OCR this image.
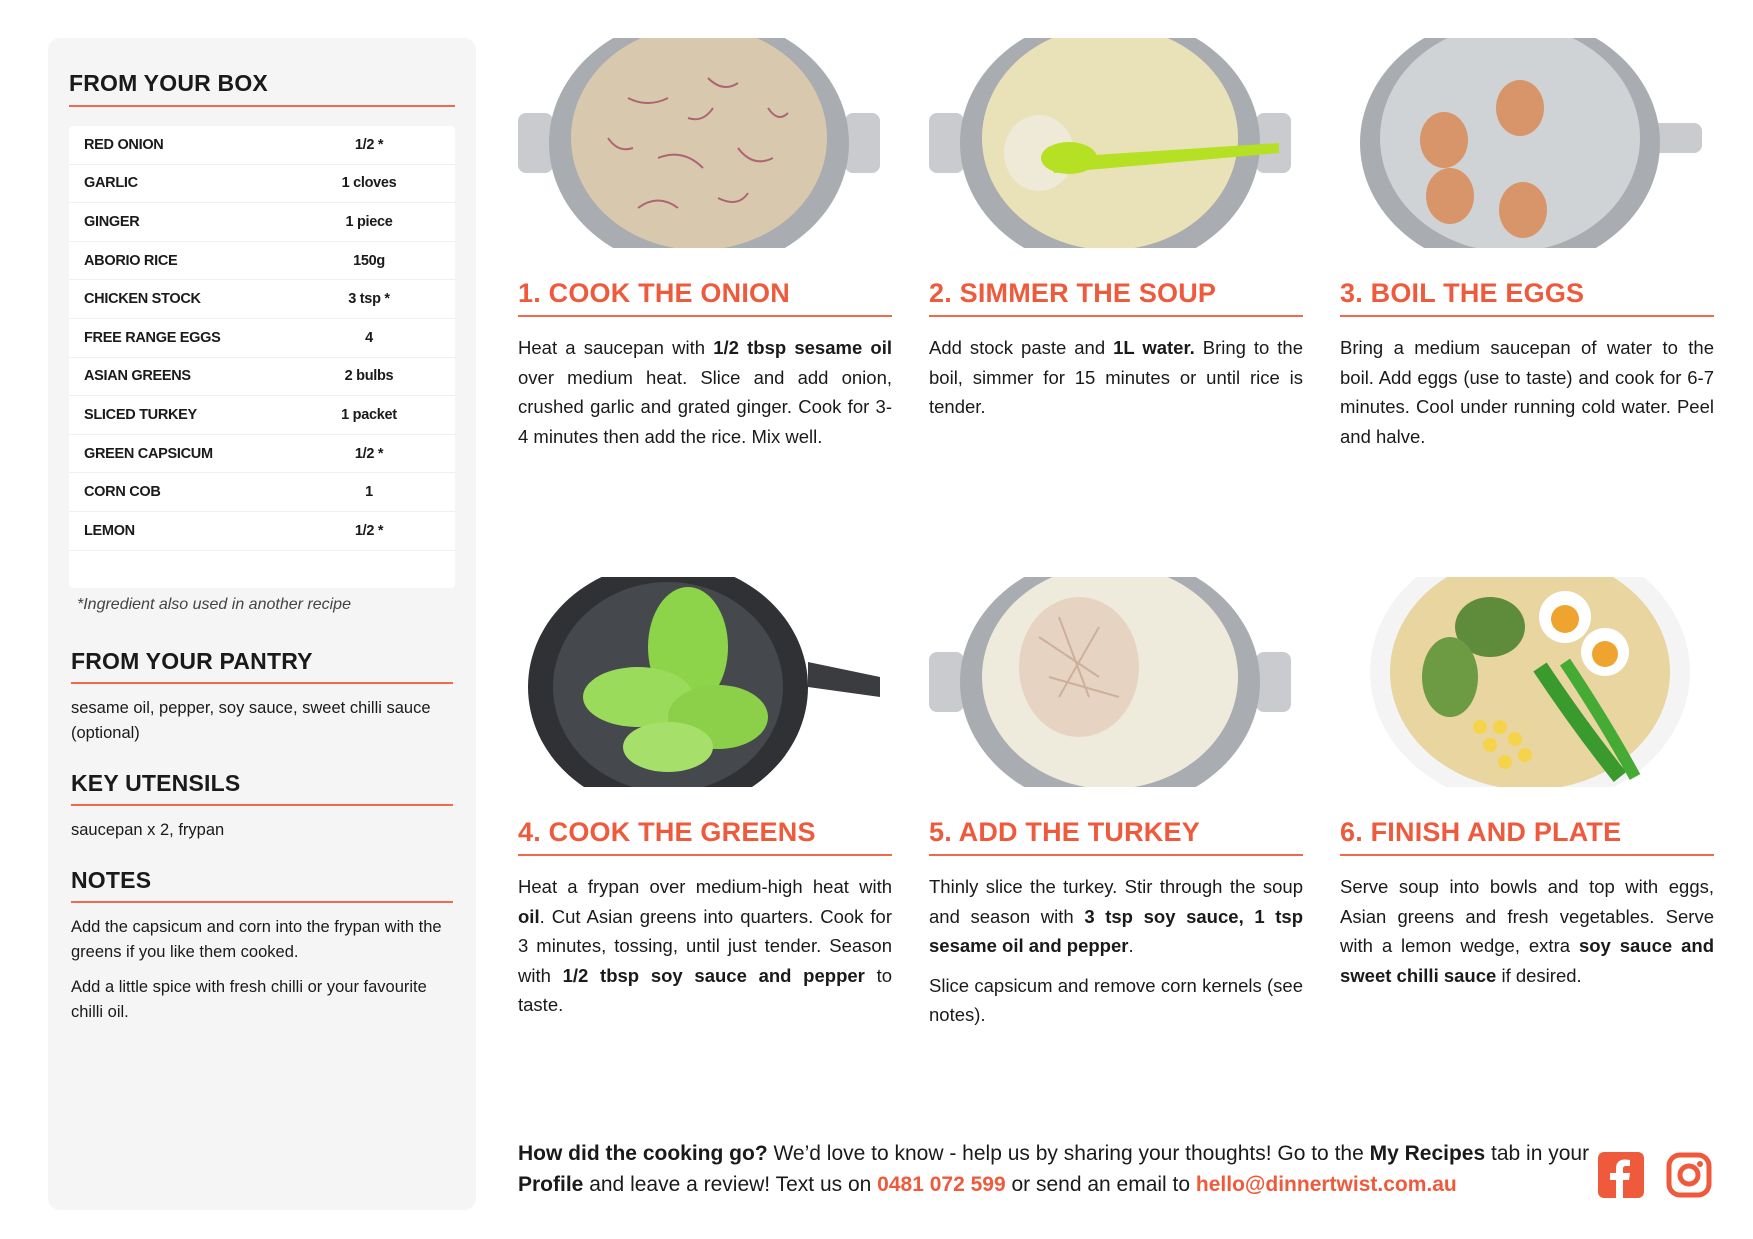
FROM YOUR BOX
RED ONION	1/2 *
GARLIC	1 cloves
GINGER	1 piece
ABORIO RICE	150g
CHICKEN STOCK	3 tsp *
FREE RANGE EGGS	4
ASIAN GREENS	2 bulbs
SLICED TURKEY	1 packet
GREEN CAPSICUM	1/2 *
CORN COB	1
LEMON	1/2 *
*Ingredient also used in another recipe
FROM YOUR PANTRY
sesame oil, pepper, soy sauce, sweet chilli sauce (optional)
KEY UTENSILS
saucepan x 2, frypan
NOTES

Add the capsicum and corn into the frypan with the greens if you like them cooked.

Add a little spice with fresh chilli or your favourite chilli oil.

1. COOK THE ONION
Heat a saucepan with 1/2 tbsp sesame oil over medium heat. Slice and add onion, crushed garlic and grated ginger. Cook for 3-4 minutes then add the rice. Mix well.
2. SIMMER THE SOUP
Add stock paste and 1L water. Bring to the boil, simmer for 15 minutes or until rice is tender.
3. BOIL THE EGGS
Bring a medium saucepan of water to the boil. Add eggs (use to taste) and cook for 6-7 minutes. Cool under running cold water. Peel and halve.
4. COOK THE GREENS
Heat a frypan over medium-high heat with oil. Cut Asian greens into quarters. Cook for 3 minutes, tossing, until just tender. Season with 1/2 tbsp soy sauce and pepper to taste.
5. ADD THE TURKEY

Thinly slice the turkey. Stir through the soup and season with 3 tsp soy sauce, 1 tsp sesame oil and pepper.

Slice capsicum and remove corn kernels (see notes).

6. FINISH AND PLATE
Serve soup into bowls and top with eggs, Asian greens and fresh vegetables. Serve with a lemon wedge, extra soy sauce and sweet chilli sauce if desired.
How did the cooking go? We’d love to know - help us by sharing your thoughts! Go to the My Recipes tab in your Profile and leave a review! Text us on 0481 072 599 or send an email to hello@dinnertwist.com.au
